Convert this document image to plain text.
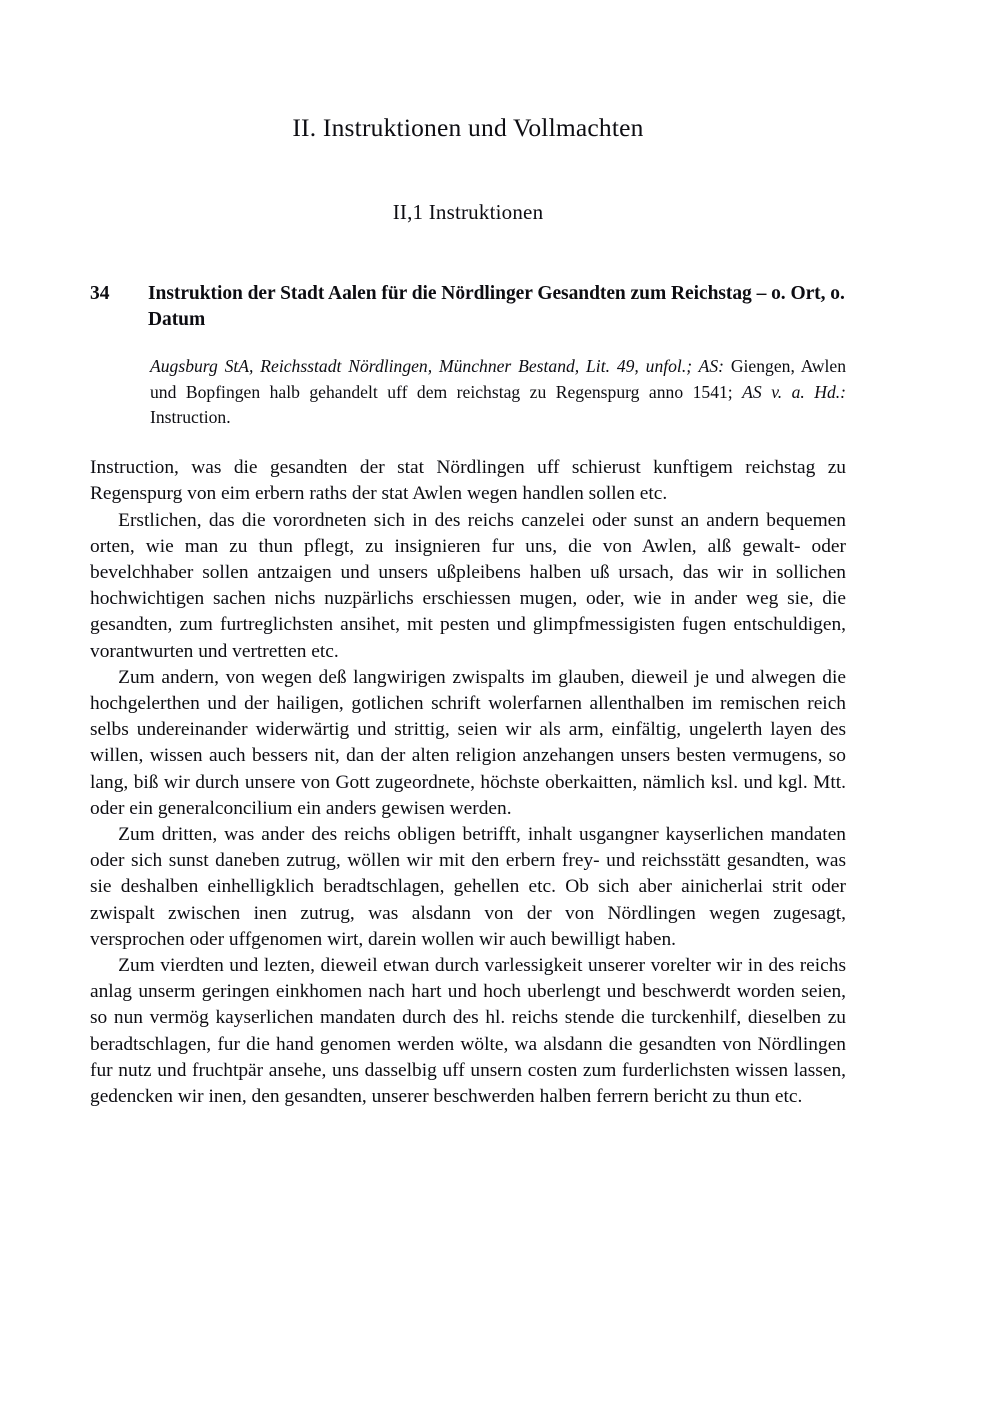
II. Instruktionen und Vollmachten
II,1 Instruktionen
34	Instruktion der Stadt Aalen für die Nördlinger Gesandten zum Reichstag – o. Ort, o. Datum
Augsburg StA, Reichsstadt Nördlingen, Münchner Bestand, Lit. 49, unfol.; AS: Giengen, Awlen und Bopfingen halb gehandelt uff dem reichstag zu Regenspurg anno 1541; AS v. a. Hd.: Instruction.

Instruction, was die gesandten der stat Nördlingen uff schierust kunftigem reichstag zu Regenspurg von eim erbern raths der stat Awlen wegen handlen sollen etc.

Erstlichen, das die vorordneten sich in des reichs canzelei oder sunst an andern bequemen orten, wie man zu thun pflegt, zu insignieren fur uns, die von Awlen, alß gewalt- oder bevelchhaber sollen antzaigen und unsers ußpleibens halben uß ursach, das wir in sollichen hochwichtigen sachen nichs nuzpärlichs erschiessen mugen, oder, wie in ander weg sie, die gesandten, zum furtreglichsten ansihet, mit pesten und glimpfmessigisten fugen entschuldigen, vorantwurten und vertretten etc.

Zum andern, von wegen deß langwirigen zwispalts im glauben, dieweil je und alwegen die hochgelerthen und der hailigen, gotlichen schrift wolerfarnen allenthalben im remischen reich selbs undereinander widerwärtig und strittig, seien wir als arm, einfältig, ungelerth layen des willen, wissen auch bessers nit, dan der alten religion anzehangen unsers besten vermugens, so lang, biß wir durch unsere von Gott zugeordnete, höchste oberkaitten, nämlich ksl. und kgl. Mtt. oder ein generalconcilium ein anders gewisen werden.

Zum dritten, was ander des reichs obligen betrifft, inhalt usgangner kayserlichen mandaten oder sich sunst daneben zutrug, wöllen wir mit den erbern frey- und reichsstätt gesandten, was sie deshalben einhelligklich beradtschlagen, gehellen etc. Ob sich aber ainicherlai strit oder zwispalt zwischen inen zutrug, was alsdann von der von Nördlingen wegen zugesagt, versprochen oder uffgenomen wirt, darein wollen wir auch bewilligt haben.

Zum vierdten und lezten, dieweil etwan durch varlessigkeit unserer vorelter wir in des reichs anlag unserm geringen einkhomen nach hart und hoch uberlengt und beschwerdt worden seien, so nun vermög kayserlichen mandaten durch des hl. reichs stende die turckenhilf, dieselben zu beradtschlagen, fur die hand genomen werden wölte, wa alsdann die gesandten von Nördlingen fur nutz und fruchtpär ansehe, uns dasselbig uff unsern costen zum furderlichsten wissen lassen, gedencken wir inen, den gesandten, unserer beschwerden halben ferrern bericht zu thun etc.
